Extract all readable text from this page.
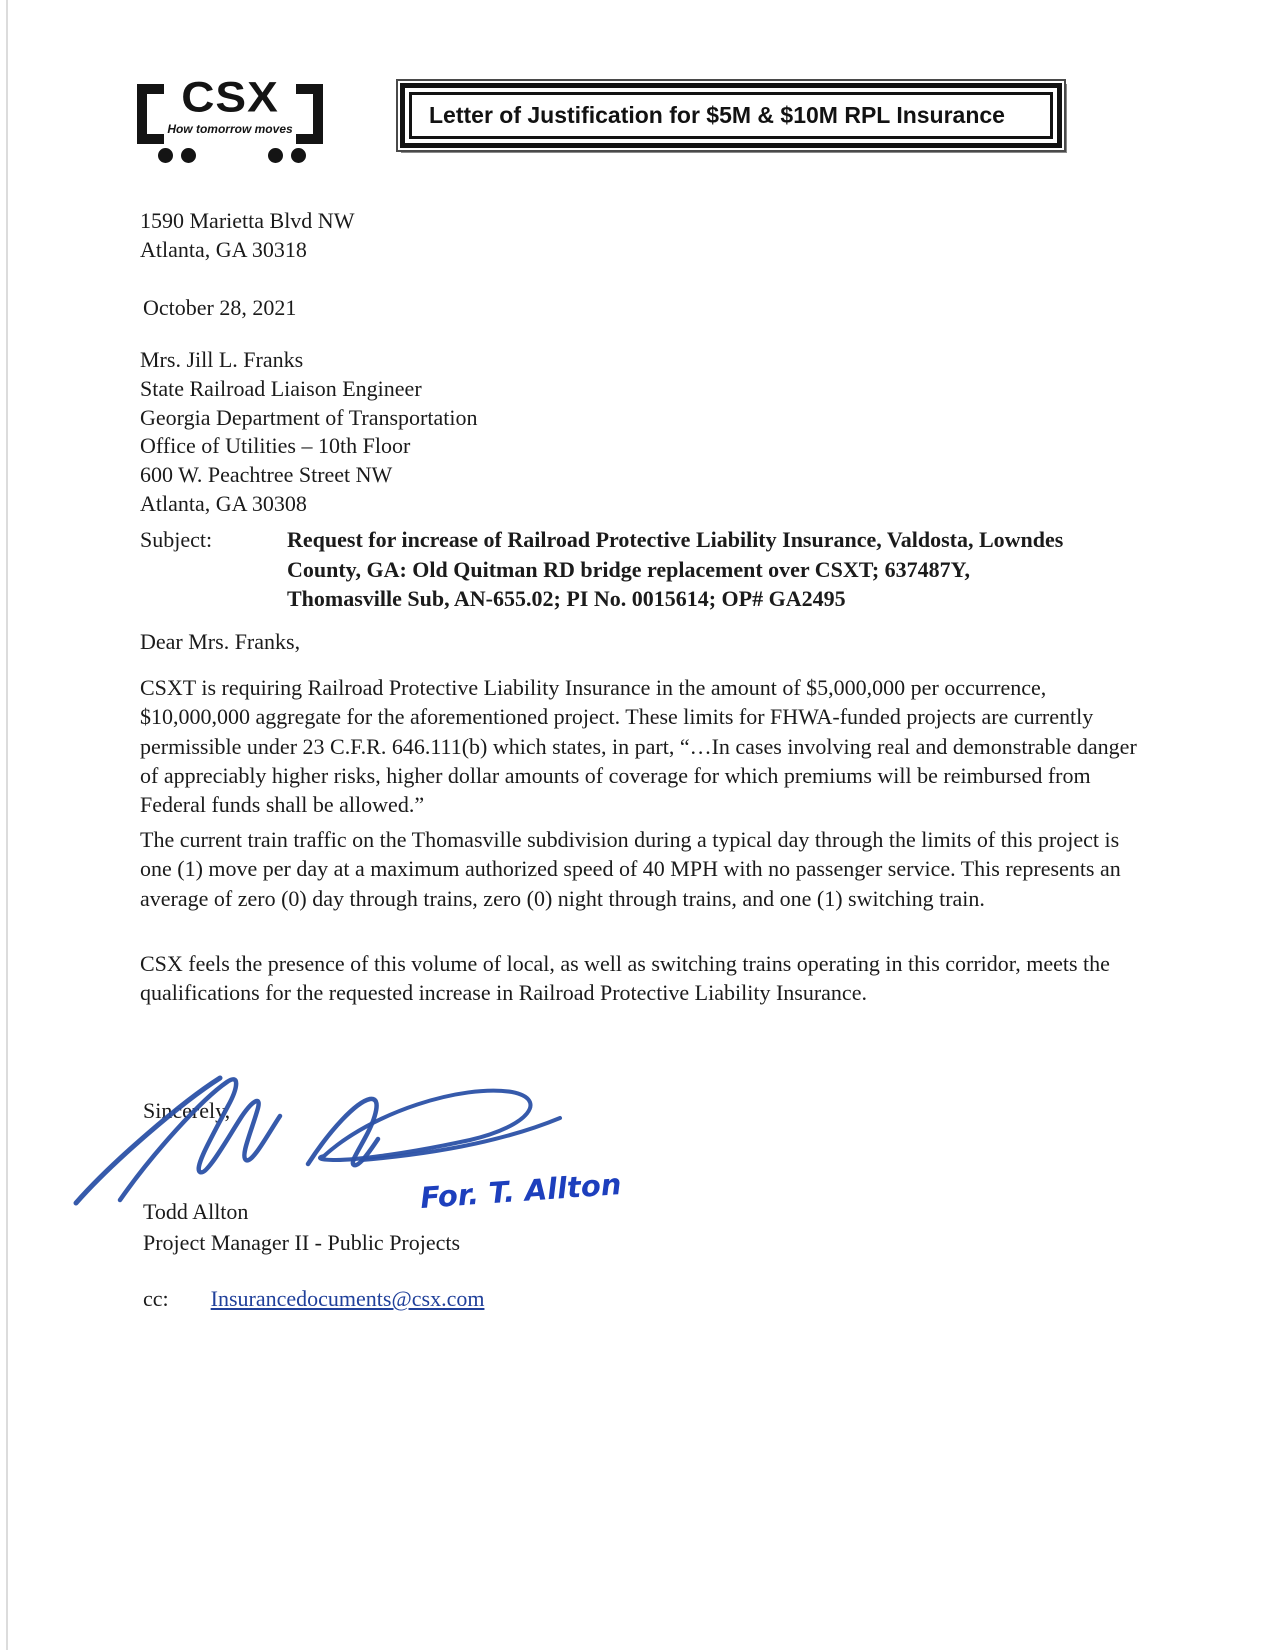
CSX
How tomorrow moves
Letter of Justification for $5M & $10M RPL Insurance
1590 Marietta Blvd NW
Atlanta, GA 30318
October 28, 2021
Mrs. Jill L. Franks
State Railroad Liaison Engineer
Georgia Department of Transportation
Office of Utilities – 10th Floor
600 W. Peachtree Street NW
Atlanta, GA 30308
Subject:	Request for increase of Railroad Protective Liability Insurance, Valdosta, Lowndes County, GA: Old Quitman RD bridge replacement over CSXT; 637487Y, Thomasville Sub, AN-655.02; PI No. 0015614; OP# GA2495
Dear Mrs. Franks,
CSXT is requiring Railroad Protective Liability Insurance in the amount of $5,000,000 per occurrence, $10,000,000 aggregate for the aforementioned project. These limits for FHWA-funded projects are currently permissible under 23 C.F.R. 646.111(b) which states, in part, “…In cases involving real and demonstrable danger of appreciably higher risks, higher dollar amounts of coverage for which premiums will be reimbursed from Federal funds shall be allowed.”
The current train traffic on the Thomasville subdivision during a typical day through the limits of this project is one (1) move per day at a maximum authorized speed of 40 MPH with no passenger service. This represents an average of zero (0) day through trains, zero (0) night through trains, and one (1) switching train.
CSX feels the presence of this volume of local, as well as switching trains operating in this corridor, meets the qualifications for the requested increase in Railroad Protective Liability Insurance.
Sincerely,
For. T. Allton
Todd Allton
Project Manager II - Public Projects
cc: Insurancedocuments@csx.com
